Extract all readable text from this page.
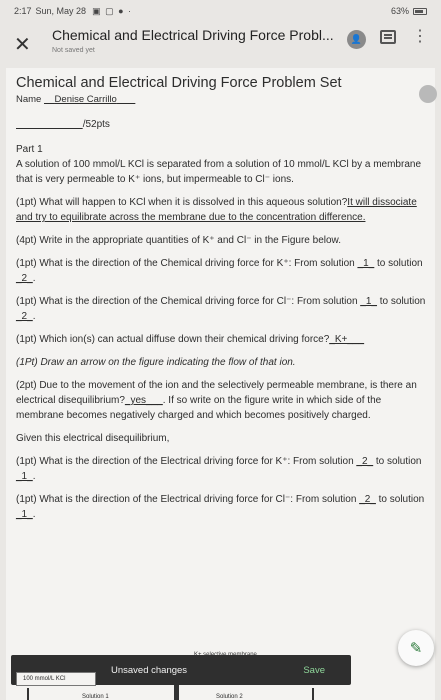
2:17 Sun, May 28 ▣ ▢ ● ·	63%
✕ Chemical and Electrical Driving Force Probl...
Not saved yet
👤	⋮

Chemical and Electrical Driving Force Problem Set

Name Denise Carrillo

/52pts

Part 1

A solution of 100 mmol/L KCl is separated from a solution of 10 mmol/L KCl by a membrane that is very permeable to K⁺ ions, but impermeable to Cl⁻ ions.

(1pt) What will happen to KCl when it is dissolved in this aqueous solution?It will dissociate and try to equilibrate across the membrane due to the concentration difference.

(4pt) Write in the appropriate quantities of K⁺ and Cl⁻ in the Figure below.

(1pt) What is the direction of the Chemical driving force for K⁺: From solution _1_ to solution _2_.

(1pt) What is the direction of the Chemical driving force for Cl⁻: From solution _1_ to solution _2_.

(1pt) Which ion(s) can actual diffuse down their chemical driving force?_K+___

(1Pt) Draw an arrow on the figure indicating the flow of that ion.

(2pt) Due to the movement of the ion and the selectively permeable membrane, is there an electrical disequilibrium?_yes___. If so write on the figure write in which side of the membrane becomes negatively charged and which becomes positively charged.

Given this electrical disequilibrium,

(1pt) What is the direction of the Electrical driving force for K⁺: From solution _2_ to solution _1_.

(1pt) What is the direction of the Electrical driving force for Cl⁻: From solution _2_ to solution _1_.

Solution 1	Solution 2
Unsaved changes	Save
100 mmol/L KCl
✎
